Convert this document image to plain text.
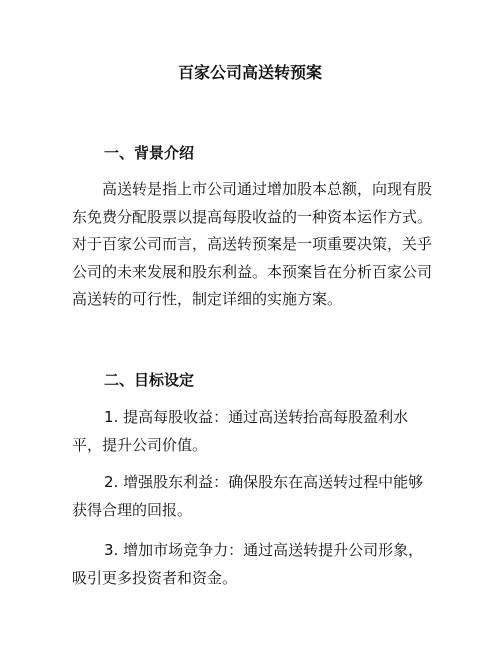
百家公司高送转预案
一、背景介绍

高送转是指上市公司通过增加股本总额，向现有股东免费分配股票以提高每股收益的一种资本运作方式。对于百家公司而言，高送转预案是一项重要决策，关乎公司的未来发展和股东利益。本预案旨在分析百家公司高送转的可行性，制定详细的实施方案。

二、目标设定

1. 提高每股收益：通过高送转抬高每股盈利水平，提升公司价值。

2. 增强股东利益：确保股东在高送转过程中能够获得合理的回报。

3. 增加市场竞争力：通过高送转提升公司形象，吸引更多投资者和资金。
